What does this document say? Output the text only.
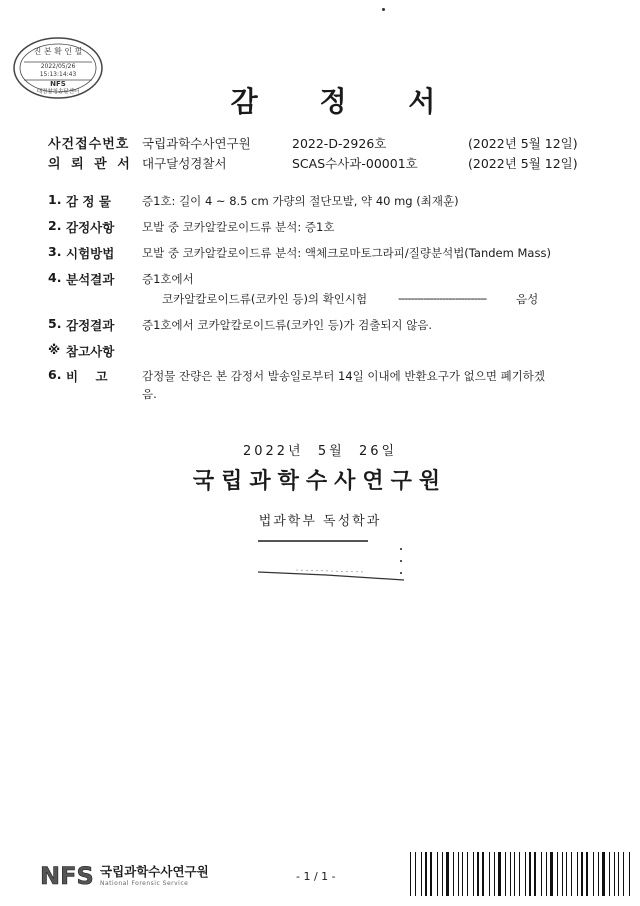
진 본 확 인 필
2022/05/26
15:13:14:43
NFS
대검찰청송달센터	감 정 서
사건접수번호 국립과학수사연구원	2022-D-2926호	(2022년 5월 12일)
의 뢰 관 서 대구달성경찰서	SCAS수사과-00001호	(2022년 5월 12일)
1. 감 정 물	증1호: 길이 4 ~ 8.5 cm 가량의 절단모발, 약 40 mg (최재훈)
2. 감정사항 모발 중 코카알칼로이드류 분석: 증1호
3. 시험방법 모발 중 코카알칼로이드류 분석: 액체크로마토그라피/질량분석법(Tandem Mass)
4. 분석결과 증1호에서
코카알칼로이드류(코카인 등)의 확인시험	----------------------------	음성
5. 감정결과 증1호에서 코카알칼로이드류(코카인 등)가 검출되지 않음.
※ 참고사항
6. 비    고	감정물 잔량은 본 감정서 발송일로부터 14일 이내에 반환요구가 없으면 폐기하겠
음.
2022년  5월  26일
국립과학수사연구원
법과학부 독성학과
NFS 국립과학수사연구원
National Forensic Service
- 1 / 1 -
